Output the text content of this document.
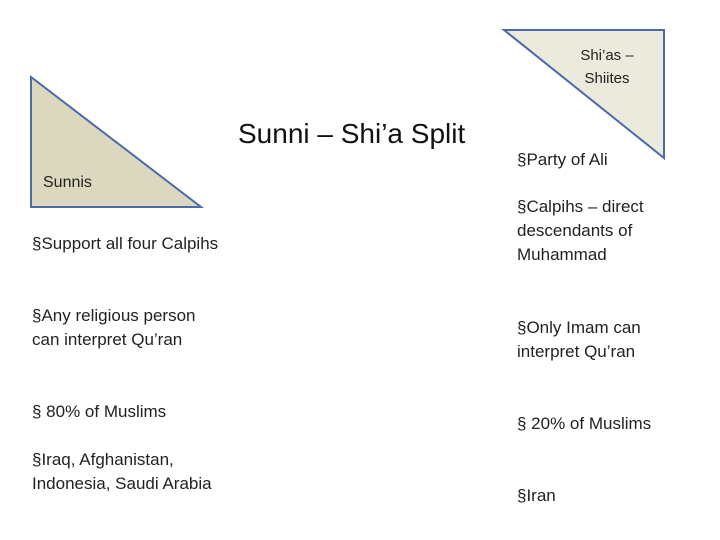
Sunni – Shi’a Split
Sunnis
Shi’as –
Shiites
§Support all four Calpihs
§Any religious person can interpret Qu’ran
§ 80% of Muslims
§Iraq, Afghanistan, Indonesia, Saudi Arabia
§Party of Ali
§Calpihs – direct descendants of Muhammad
§Only Imam can interpret Qu’ran
§ 20% of Muslims
§Iran
